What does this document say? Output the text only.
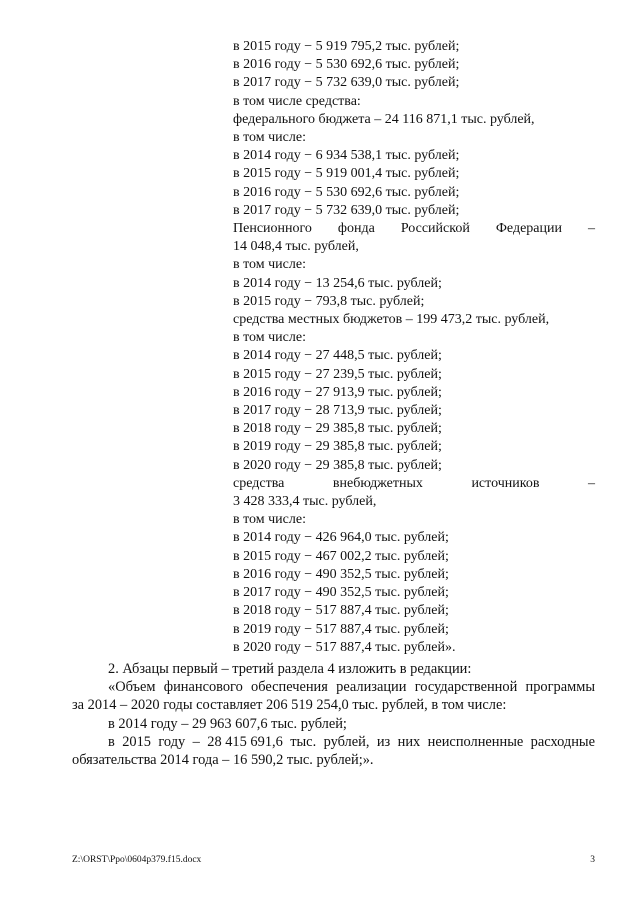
в 2015 году − 5 919 795,2 тыс. рублей;
в 2016 году − 5 530 692,6 тыс. рублей;
в 2017 году − 5 732 639,0 тыс. рублей;
в том числе средства:
федерального бюджета – 24 116 871,1 тыс. рублей,
в том числе:
в 2014 году − 6 934 538,1 тыс. рублей;
в 2015 году − 5 919 001,4 тыс. рублей;
в 2016 году − 5 530 692,6 тыс. рублей;
в 2017 году − 5 732 639,0 тыс. рублей;
Пенсионного фонда Российской Федерации –
14 048,4 тыс. рублей,
в том числе:
в 2014 году − 13 254,6 тыс. рублей;
в 2015 году − 793,8 тыс. рублей;
средства местных бюджетов – 199 473,2 тыс. рублей,
в том числе:
в 2014 году − 27 448,5 тыс. рублей;
в 2015 году − 27 239,5 тыс. рублей;
в 2016 году − 27 913,9 тыс. рублей;
в 2017 году − 28 713,9 тыс. рублей;
в 2018 году − 29 385,8 тыс. рублей;
в 2019 году − 29 385,8 тыс. рублей;
в 2020 году − 29 385,8 тыс. рублей;
средства	внебюджетных	источников	–
3 428 333,4 тыс. рублей,
в том числе:
в 2014 году − 426 964,0 тыс. рублей;
в 2015 году − 467 002,2 тыс. рублей;
в 2016 году − 490 352,5 тыс. рублей;
в 2017 году − 490 352,5 тыс. рублей;
в 2018 году − 517 887,4 тыс. рублей;
в 2019 году − 517 887,4 тыс. рублей;
в 2020 году − 517 887,4 тыс. рублей».
2. Абзацы первый – третий раздела 4 изложить в редакции:
«Объем финансового обеспечения реализации государственной программы
за 2014 – 2020 годы составляет 206 519 254,0 тыс. рублей, в том числе:
в 2014 году – 29 963 607,6 тыс. рублей;
в 2015 году – 28 415 691,6 тыс. рублей, из них неисполненные расходные
обязательства 2014 года – 16 590,2 тыс. рублей;».
Z:\ORST\Ppo\0604p379.f15.docx	3
